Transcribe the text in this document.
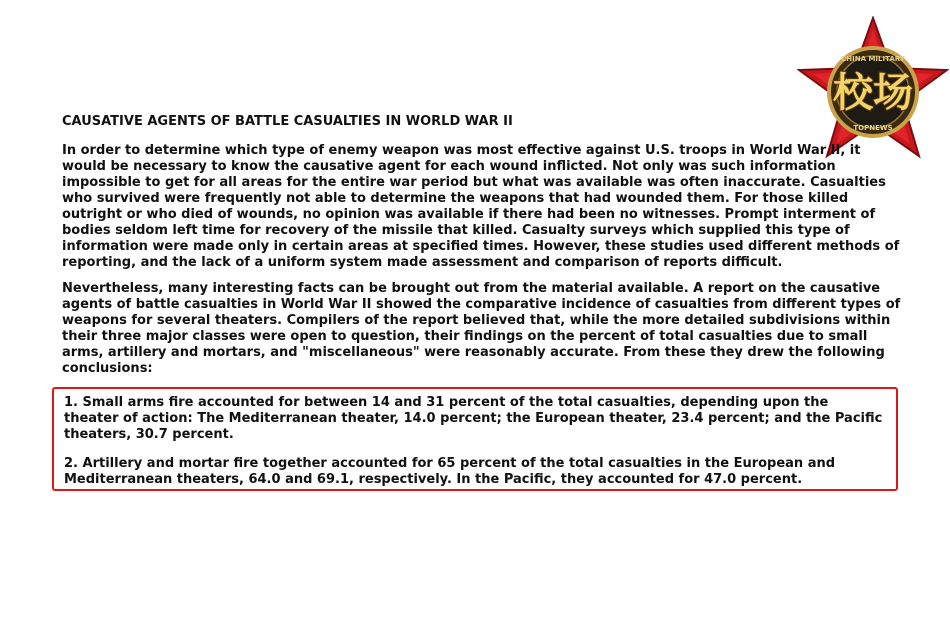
CHINA MILITARY
TOPNEWS
校场
CAUSATIVE AGENTS OF BATTLE CASUALTIES IN WORLD WAR II

In order to determine which type of enemy weapon was most effective against U.S. troops in World War II, it would be necessary to know the causative agent for each wound inflicted. Not only was such information impossible to get for all areas for the entire war period but what was available was often inaccurate. Casualties who survived were frequently not able to determine the weapons that had wounded them. For those killed outright or who died of wounds, no opinion was available if there had been no witnesses. Prompt interment of bodies seldom left time for recovery of the missile that killed. Casualty surveys which supplied this type of information were made only in certain areas at specified times. However, these studies used different methods of reporting, and the lack of a uniform system made assessment and comparison of reports difficult.

Nevertheless, many interesting facts can be brought out from the material available. A report on the causative agents of battle casualties in World War II showed the comparative incidence of casualties from different types of weapons for several theaters. Compilers of the report believed that, while the more detailed subdivisions within their three major classes were open to question, their findings on the percent of total casualties due to small arms, artillery and mortars, and "miscellaneous" were reasonably accurate. From these they drew the following conclusions:

1. Small arms fire accounted for between 14 and 31 percent of the total casualties, depending upon the theater of action: The Mediterranean theater, 14.0 percent; the European theater, 23.4 percent; and the Pacific theaters, 30.7 percent.

2. Artillery and mortar fire together accounted for 65 percent of the total casualties in the European and Mediterranean theaters, 64.0 and 69.1, respectively. In the Pacific, they accounted for 47.0 percent.
